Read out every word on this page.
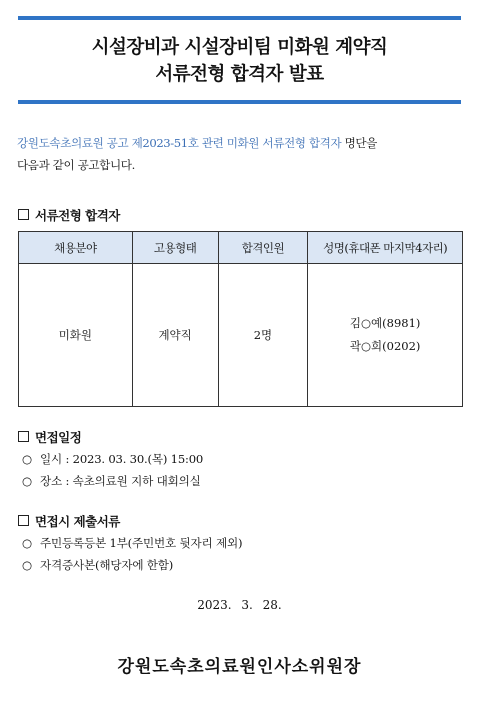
시설장비과 시설장비팀 미화원 계약직
서류전형 합격자 발표
강원도속초의료원 공고 제2023-51호 관련 미화원 서류전형 합격자 명단을
다음과 같이 공고합니다.
서류전형 합격자
채용분야	고용형태	합격인원	성명(휴대폰 마지막4자리)
미화원	계약직	2명	김○예(8981)
곽○희(0202)
면접일정
○ 일시 : 2023. 03. 30.(목) 15:00
○ 장소 : 속초의료원 지하 대회의실
면접시 제출서류
○ 주민등록등본 1부(주민번호 뒷자리 제외)
○ 자격증사본(해당자에 한함)
2023. 3. 28.
강원도속초의료원인사소위원장
